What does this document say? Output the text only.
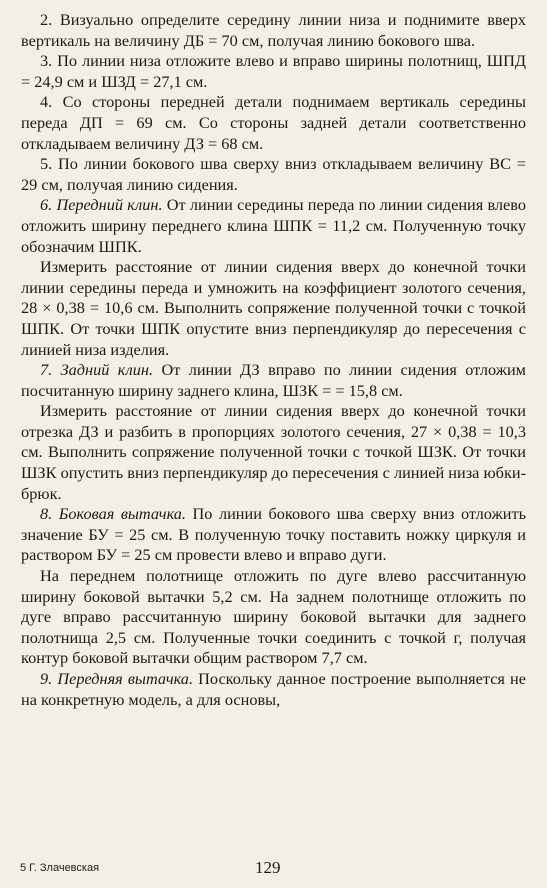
2. Визуально определите середину линии низа и поднимите вверх вертикаль на величину ДБ = 70 см, получая линию бокового шва.

3. По линии низа отложите влево и вправо ширины полотнищ, ШПД = 24,9 см и ШЗД = 27,1 см.

4. Со стороны передней детали поднимаем вертикаль середины переда ДП = 69 см. Со стороны задней детали соответственно откладываем величину ДЗ = 68 см.

5. По линии бокового шва сверху вниз откладываем величину ВС = 29 см, получая линию сидения.

6. Передний клин. От линии середины переда по линии сидения влево отложить ширину переднего клина ШПК = 11,2 см. Полученную точку обозначим ШПК.

Измерить расстояние от линии сидения вверх до конечной точки линии середины переда и умножить на коэффициент золотого сечения, 28 × 0,38 = 10,6 см. Выполнить сопряжение полученной точки с точкой ШПК. От точки ШПК опустите вниз перпендикуляр до пересечения с линией низа изделия.

7. Задний клин. От линии ДЗ вправо по линии сидения отложим посчитанную ширину заднего клина, ШЗК = = 15,8 см.

Измерить расстояние от линии сидения вверх до конечной точки отрезка ДЗ и разбить в пропорциях золотого сечения, 27 × 0,38 = 10,3 см. Выполнить сопряжение полученной точки с точкой ШЗК. От точки ШЗК опустить вниз перпендикуляр до пересечения с линией низа юбки-брюк.

8. Боковая вытачка. По линии бокового шва сверху вниз отложить значение БУ = 25 см. В полученную точку поставить ножку циркуля и раствором БУ = 25 см провести влево и вправо дуги.

На переднем полотнище отложить по дуге влево рассчитанную ширину боковой вытачки 5,2 см. На заднем полотнище отложить по дуге вправо рассчитанную ширину боковой вытачки для заднего полотнища 2,5 см. Полученные точки соединить с точкой г, получая контур боковой вытачки общим раствором 7,7 см.

9. Передняя вытачка. Поскольку данное построение выполняется не на конкретную модель, а для основы,

5 Г. Злачевская	129
